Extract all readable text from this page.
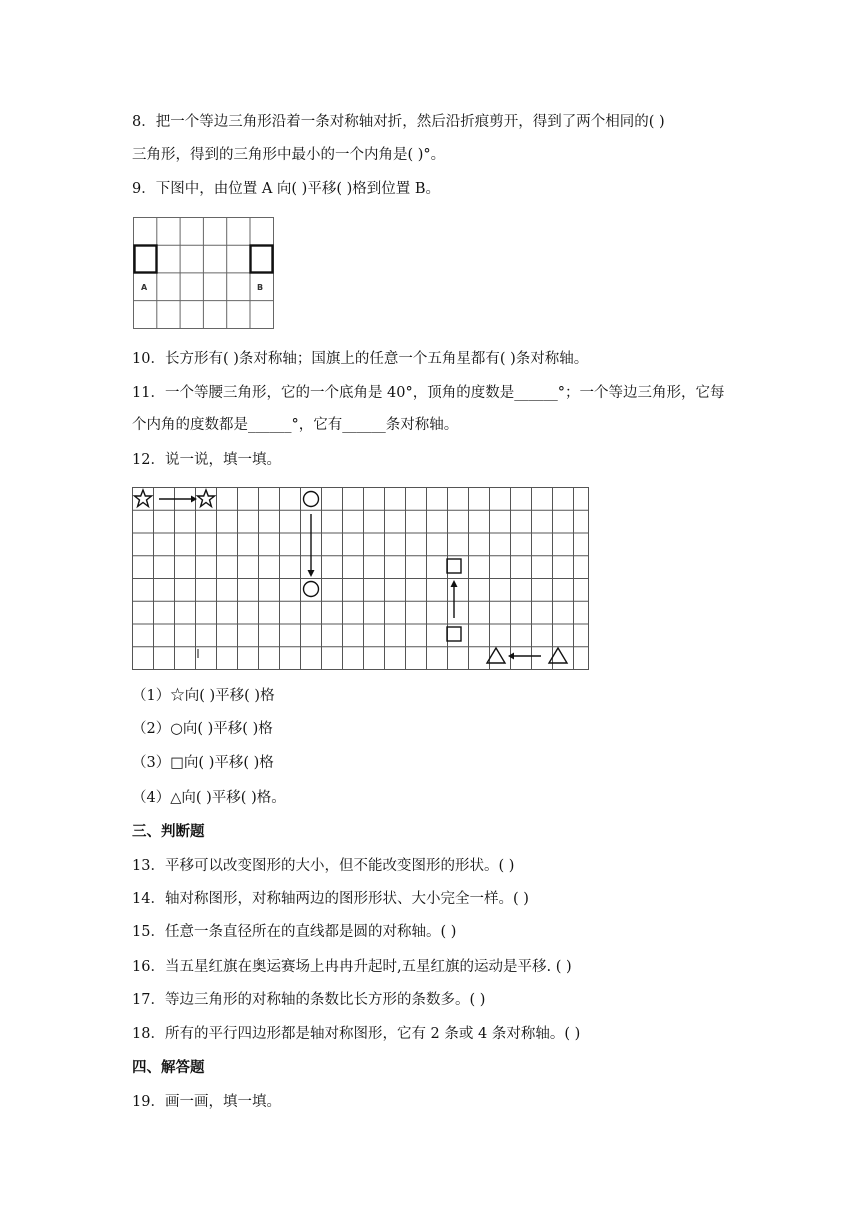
8．把一个等边三角形沿着一条对称轴对折，然后沿折痕剪开，得到了两个相同的( )
三角形，得到的三角形中最小的一个内角是( )°。
9．下图中，由位置 A 向( )平移( )格到位置 B。
A	B
10．长方形有( )条对称轴；国旗上的任意一个五角星都有( )条对称轴。
11．一个等腰三角形，它的一个底角是 40°，顶角的度数是______°；一个等边三角形，它每
个内角的度数都是______°，它有______条对称轴。
12．说一说，填一填。
（1）☆向( )平移( )格
（2）○向( )平移( )格
（3）□向( )平移( )格
（4）△向( )平移( )格。
三、判断题
13．平移可以改变图形的大小，但不能改变图形的形状。( )
14．轴对称图形，对称轴两边的图形形状、大小完全一样。( )
15．任意一条直径所在的直线都是圆的对称轴。( )
16．当五星红旗在奥运赛场上冉冉升起时,五星红旗的运动是平移. ( )
17．等边三角形的对称轴的条数比长方形的条数多。( )
18．所有的平行四边形都是轴对称图形，它有 2 条或 4 条对称轴。( )
四、解答题
19．画一画，填一填。
